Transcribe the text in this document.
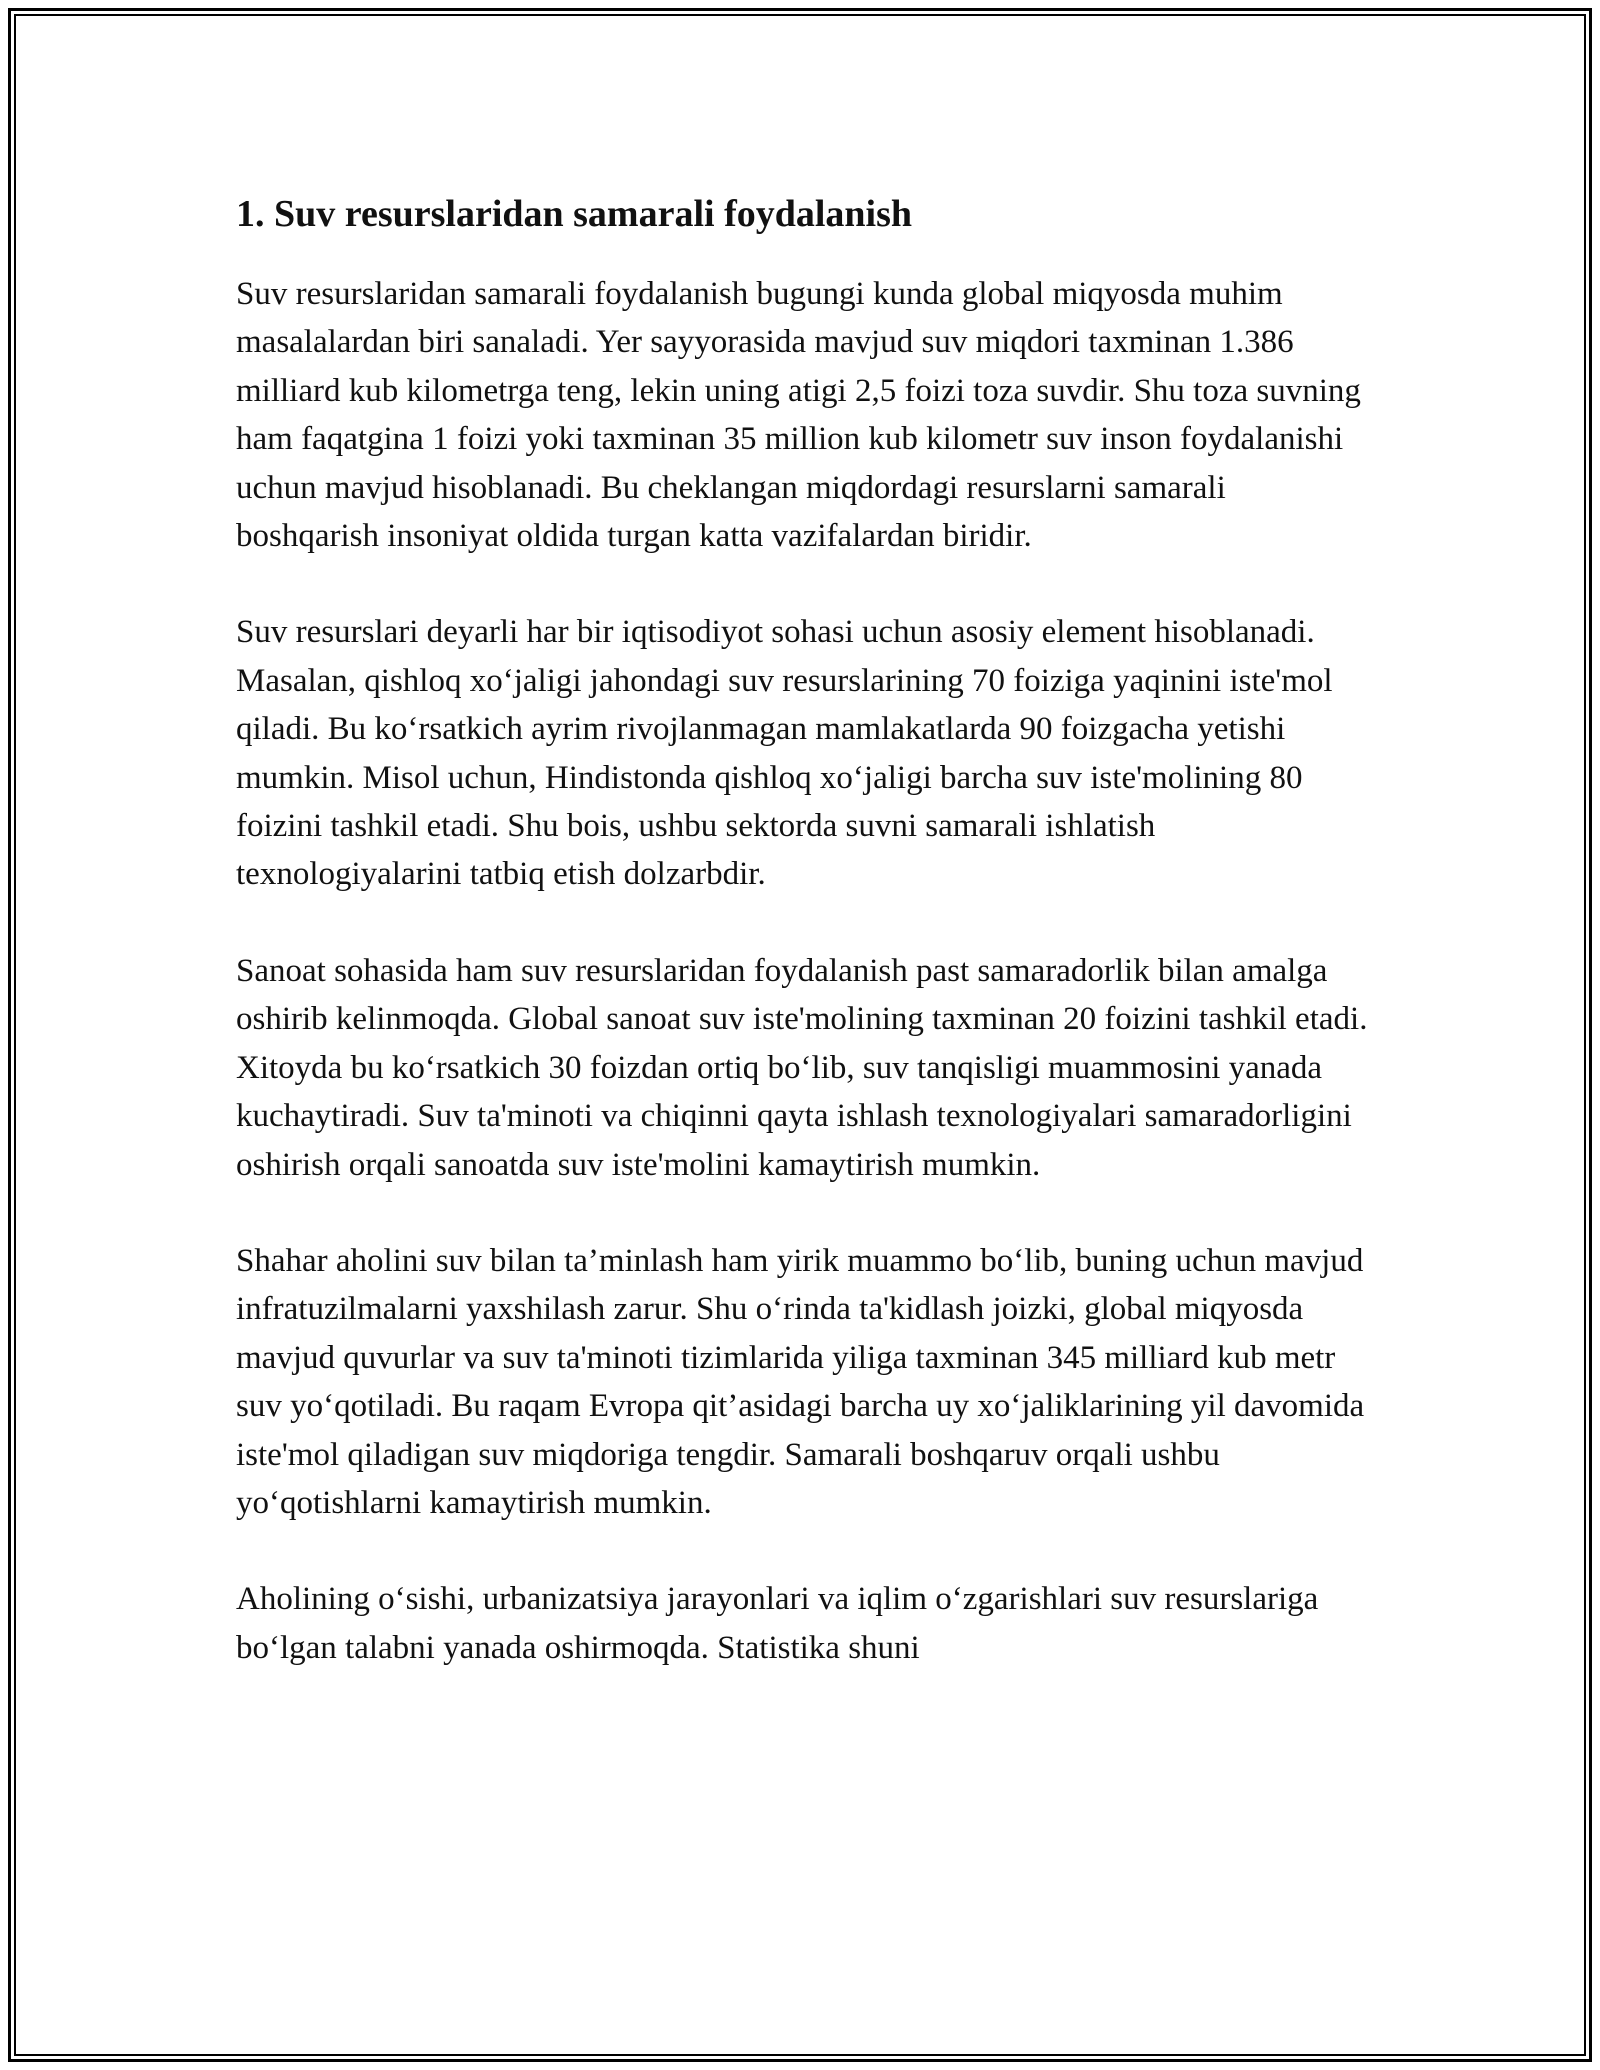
1. Suv resurslaridan samarali foydalanish

Suv resurslaridan samarali foydalanish bugungi kunda global miqyosda muhim masalalardan biri sanaladi. Yer sayyorasida mavjud suv miqdori taxminan 1.386 milliard kub kilometrga teng, lekin uning atigi 2,5 foizi toza suvdir. Shu toza suvning ham faqatgina 1 foizi yoki taxminan 35 million kub kilometr suv inson foydalanishi uchun mavjud hisoblanadi. Bu cheklangan miqdordagi resurslarni samarali boshqarish insoniyat oldida turgan katta vazifalardan biridir.

Suv resurslari deyarli har bir iqtisodiyot sohasi uchun asosiy element hisoblanadi. Masalan, qishloq xo‘jaligi jahondagi suv resurslarining 70 foiziga yaqinini iste'mol qiladi. Bu ko‘rsatkich ayrim rivojlanmagan mamlakatlarda 90 foizgacha yetishi mumkin. Misol uchun, Hindistonda qishloq xo‘jaligi barcha suv iste'molining 80 foizini tashkil etadi. Shu bois, ushbu sektorda suvni samarali ishlatish texnologiyalarini tatbiq etish dolzarbdir.

Sanoat sohasida ham suv resurslaridan foydalanish past samaradorlik bilan amalga oshirib kelinmoqda. Global sanoat suv iste'molining taxminan 20 foizini tashkil etadi. Xitoyda bu ko‘rsatkich 30 foizdan ortiq bo‘lib, suv tanqisligi muammosini yanada kuchaytiradi. Suv ta'minoti va chiqinni qayta ishlash texnologiyalari samaradorligini oshirish orqali sanoatda suv iste'molini kamaytirish mumkin.

Shahar aholini suv bilan ta’minlash ham yirik muammo bo‘lib, buning uchun mavjud infratuzilmalarni yaxshilash zarur. Shu o‘rinda ta'kidlash joizki, global miqyosda mavjud quvurlar va suv ta'minoti tizimlarida yiliga taxminan 345 milliard kub metr suv yo‘qotiladi. Bu raqam Evropa qit’asidagi barcha uy xo‘jaliklarining yil davomida iste'mol qiladigan suv miqdoriga tengdir. Samarali boshqaruv orqali ushbu yo‘qotishlarni kamaytirish mumkin.

Aholining o‘sishi, urbanizatsiya jarayonlari va iqlim o‘zgarishlari suv resurslariga bo‘lgan talabni yanada oshirmoqda. Statistika shuni
